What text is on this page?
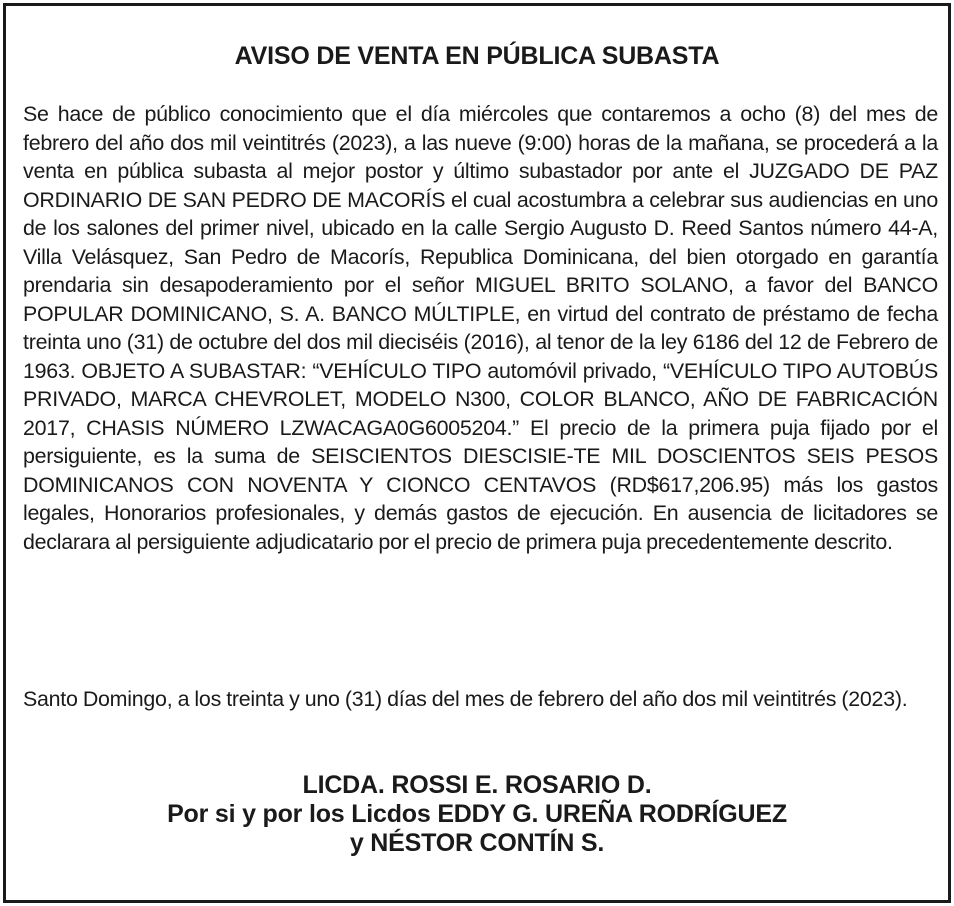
AVISO DE VENTA EN PÚBLICA SUBASTA
Se hace de público conocimiento que el día miércoles que contaremos a ocho (8) del mes de febrero del año dos mil veintitrés (2023), a las nueve (9:00) horas de la mañana, se procederá a la venta en pública subasta al mejor postor y último subastador por ante el JUZGADO DE PAZ ORDINARIO DE SAN PEDRO DE MACORÍS el cual acostumbra a celebrar sus audiencias en uno de los salones del primer nivel, ubicado en la calle Sergio Augusto D. Reed Santos número 44-A, Villa Velásquez, San Pedro de Macorís, Republica Dominicana, del bien otorgado en garantía prendaria sin desapoderamiento por el señor MIGUEL BRITO SOLANO, a favor del BANCO POPULAR DOMINICANO, S. A. BANCO MÚLTIPLE, en virtud del contrato de préstamo de fecha treinta uno (31) de octubre del dos mil dieciséis (2016), al tenor de la ley 6186 del 12 de Febrero de 1963. OBJETO A SUBASTAR: “VEHÍCULO TIPO automóvil privado, “VEHÍCULO TIPO AUTOBÚS PRIVADO, MARCA CHEVROLET, MODELO N300, COLOR BLANCO, AÑO DE FABRICACIÓN 2017, CHASIS NÚMERO LZWACAGA0G6005204.” El precio de la primera puja fijado por el persiguiente, es la suma de SEISCIENTOS DIESCISIE-TE MIL DOSCIENTOS SEIS PESOS DOMINICANOS CON NOVENTA Y CIONCO CENTAVOS (RD$617,206.95) más los gastos legales, Honorarios profesionales, y demás gastos de ejecución. En ausencia de licitadores se declarara al persiguiente adjudicatario por el precio de primera puja precedentemente descrito.
Santo Domingo, a los treinta y uno (31) días del mes de febrero del año dos mil veintitrés (2023).
LICDA. ROSSI E. ROSARIO D.
Por si y por los Licdos EDDY G. UREÑA RODRÍGUEZ
y NÉSTOR CONTÍN S.
